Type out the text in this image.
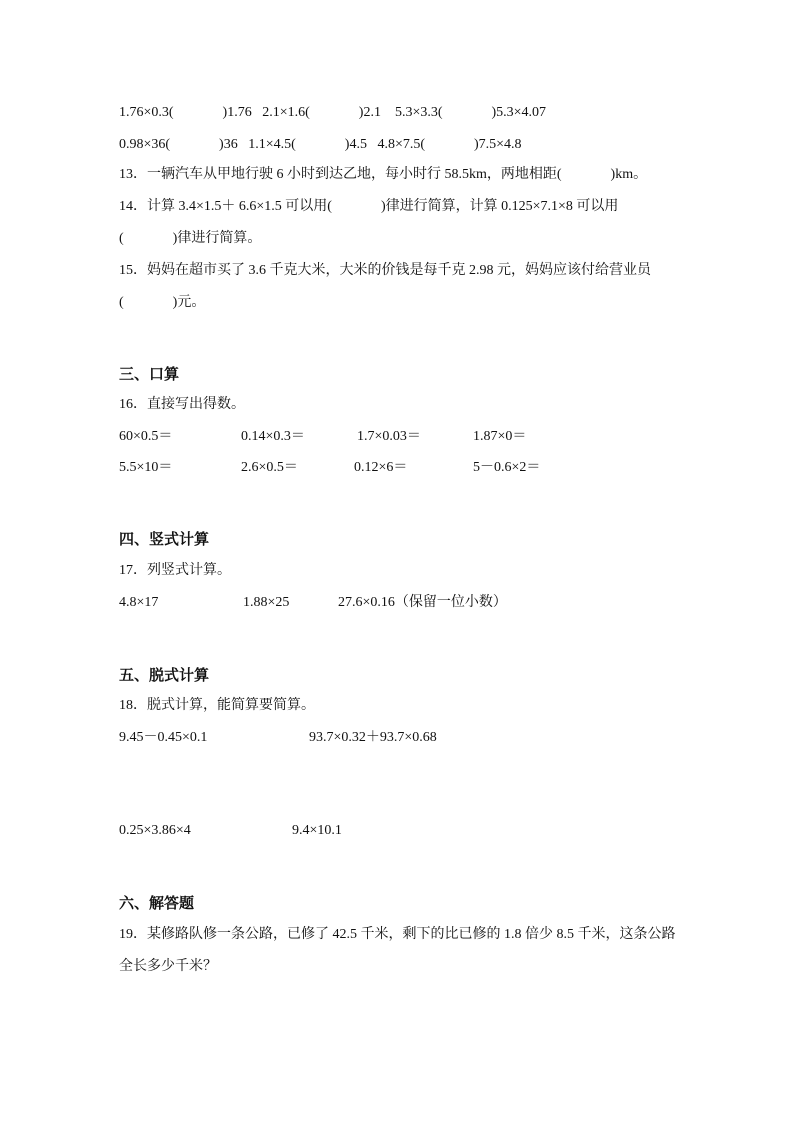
1.76×0.3(              )1.76   2.1×1.6(              )2.1    5.3×3.3(              )5.3×4.07
0.98×36(              )36   1.1×4.5(              )4.5   4.8×7.5(              )7.5×4.8
13．一辆汽车从甲地行驶 6 小时到达乙地，每小时行 58.5km，两地相距(              )km。
14．计算 3.4×1.5＋ 6.6×1.5 可以用(              )律进行简算，计算 0.125×7.1×8 可以用
(              )律进行简算。
15．妈妈在超市买了 3.6 千克大米，大米的价钱是每千克 2.98 元，妈妈应该付给营业员
(              )元。
三、口算
16．直接写出得数。
60×0.5＝	0.14×0.3＝	1.7×0.03＝	1.87×0＝
5.5×10＝	2.6×0.5＝	0.12×6＝	5－0.6×2＝
四、竖式计算
17．列竖式计算。
4.8×17	1.88×25	27.6×0.16（保留一位小数）
五、脱式计算
18．脱式计算，能简算要简算。
9.45－0.45×0.1	93.7×0.32＋93.7×0.68
0.25×3.86×4	9.4×10.1
六、解答题
19．某修路队修一条公路，已修了 42.5 千米，剩下的比已修的 1.8 倍少 8.5 千米，这条公路
全长多少千米？
